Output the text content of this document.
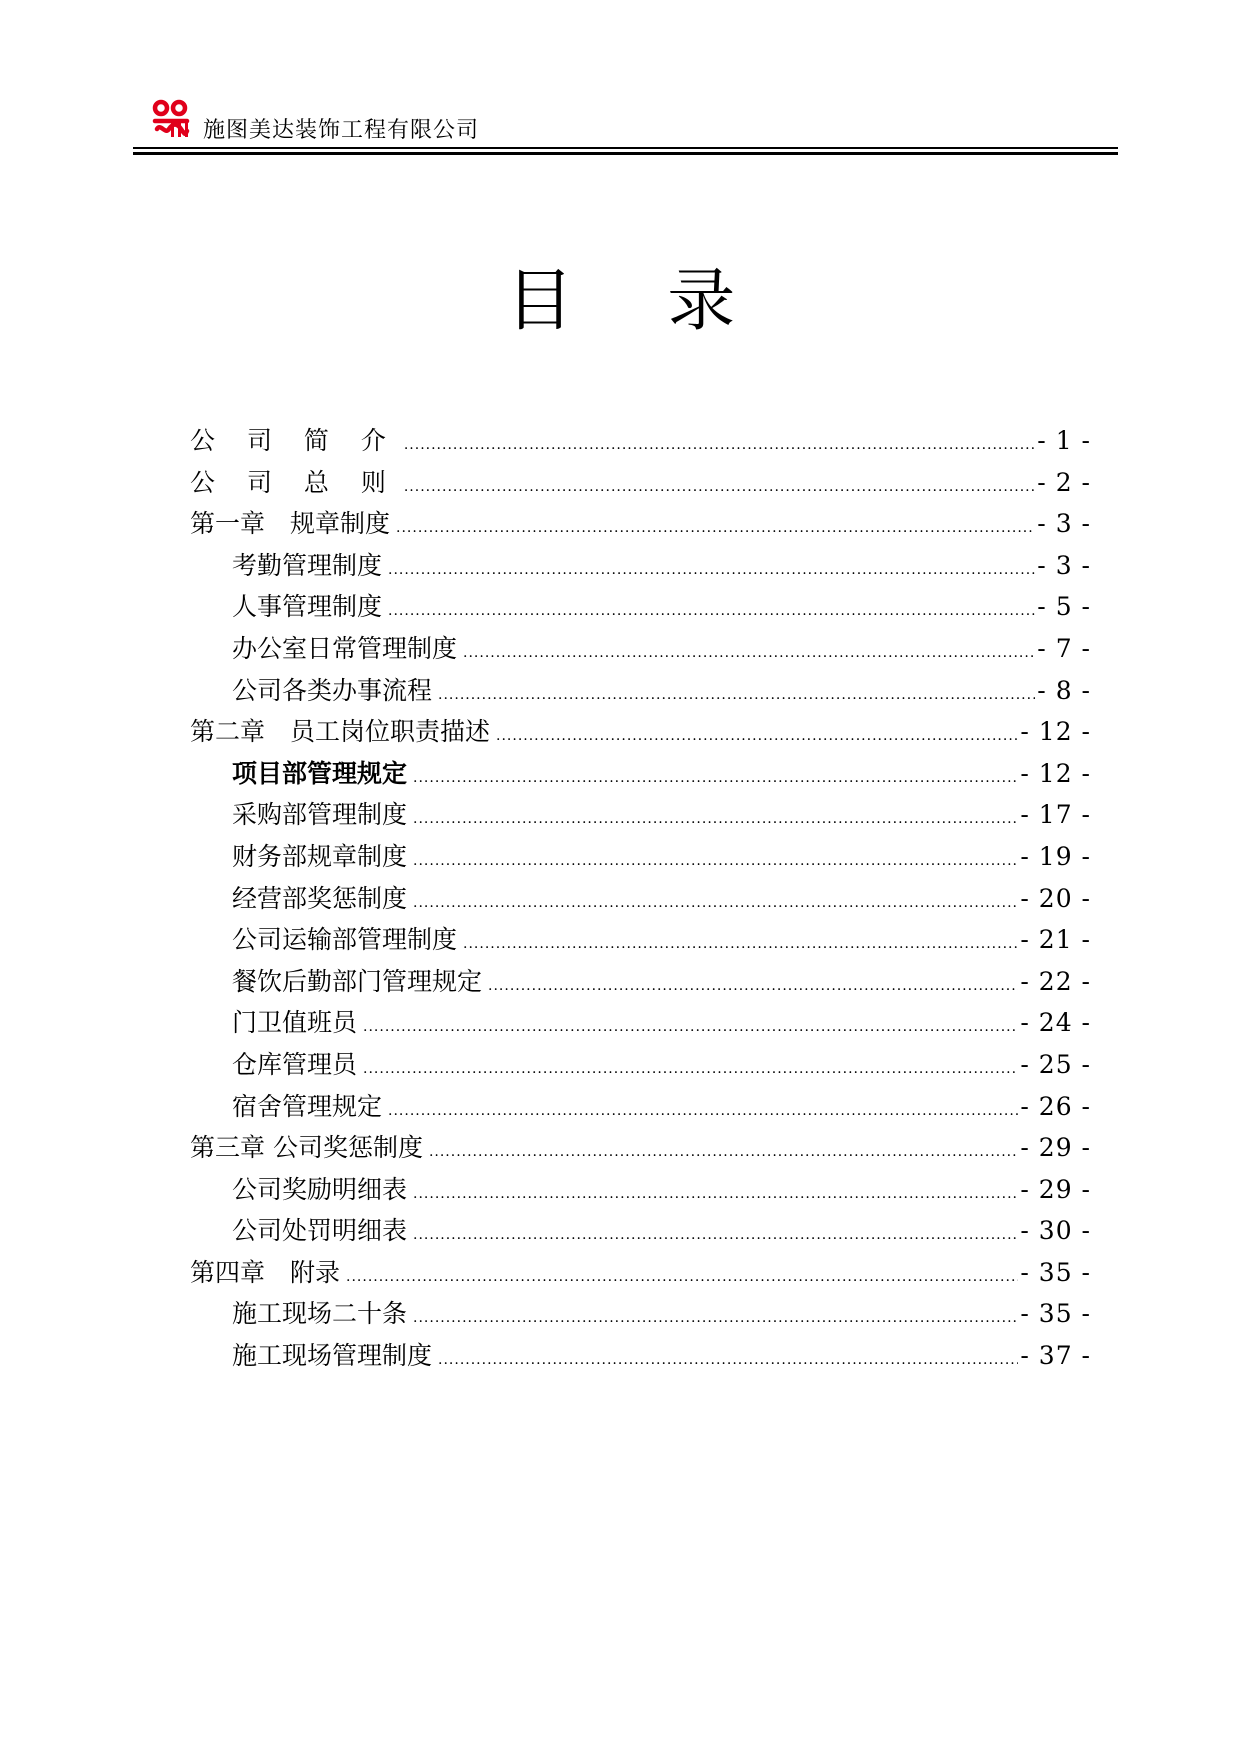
施图美达装饰工程有限公司
目 录
公 司 简 介 .....	- 1 -
公 司 总 则 .....	- 2 -
第一章　规章制度 .....	- 3 -
考勤管理制度 .....	- 3 -
人事管理制度 .....	- 5 -
办公室日常管理制度 .....	- 7 -
公司各类办事流程 .....	- 8 -
第二章　员工岗位职责描述 .....	- 12 -
项目部管理规定 .....	- 12 -
采购部管理制度 .....	- 17 -
财务部规章制度 .....	- 19 -
经营部奖惩制度 .....	- 20 -
公司运输部管理制度 .....	- 21 -
餐饮后勤部门管理规定 .....	- 22 -
门卫值班员 .....	- 24 -
仓库管理员 .....	- 25 -
宿舍管理规定 .....	- 26 -
第三章 公司奖惩制度 .....	- 29 -
公司奖励明细表 .....	- 29 -
公司处罚明细表 .....	- 30 -
第四章　附录 .....	- 35 -
施工现场二十条 .....	- 35 -
施工现场管理制度 .....	- 37 -
